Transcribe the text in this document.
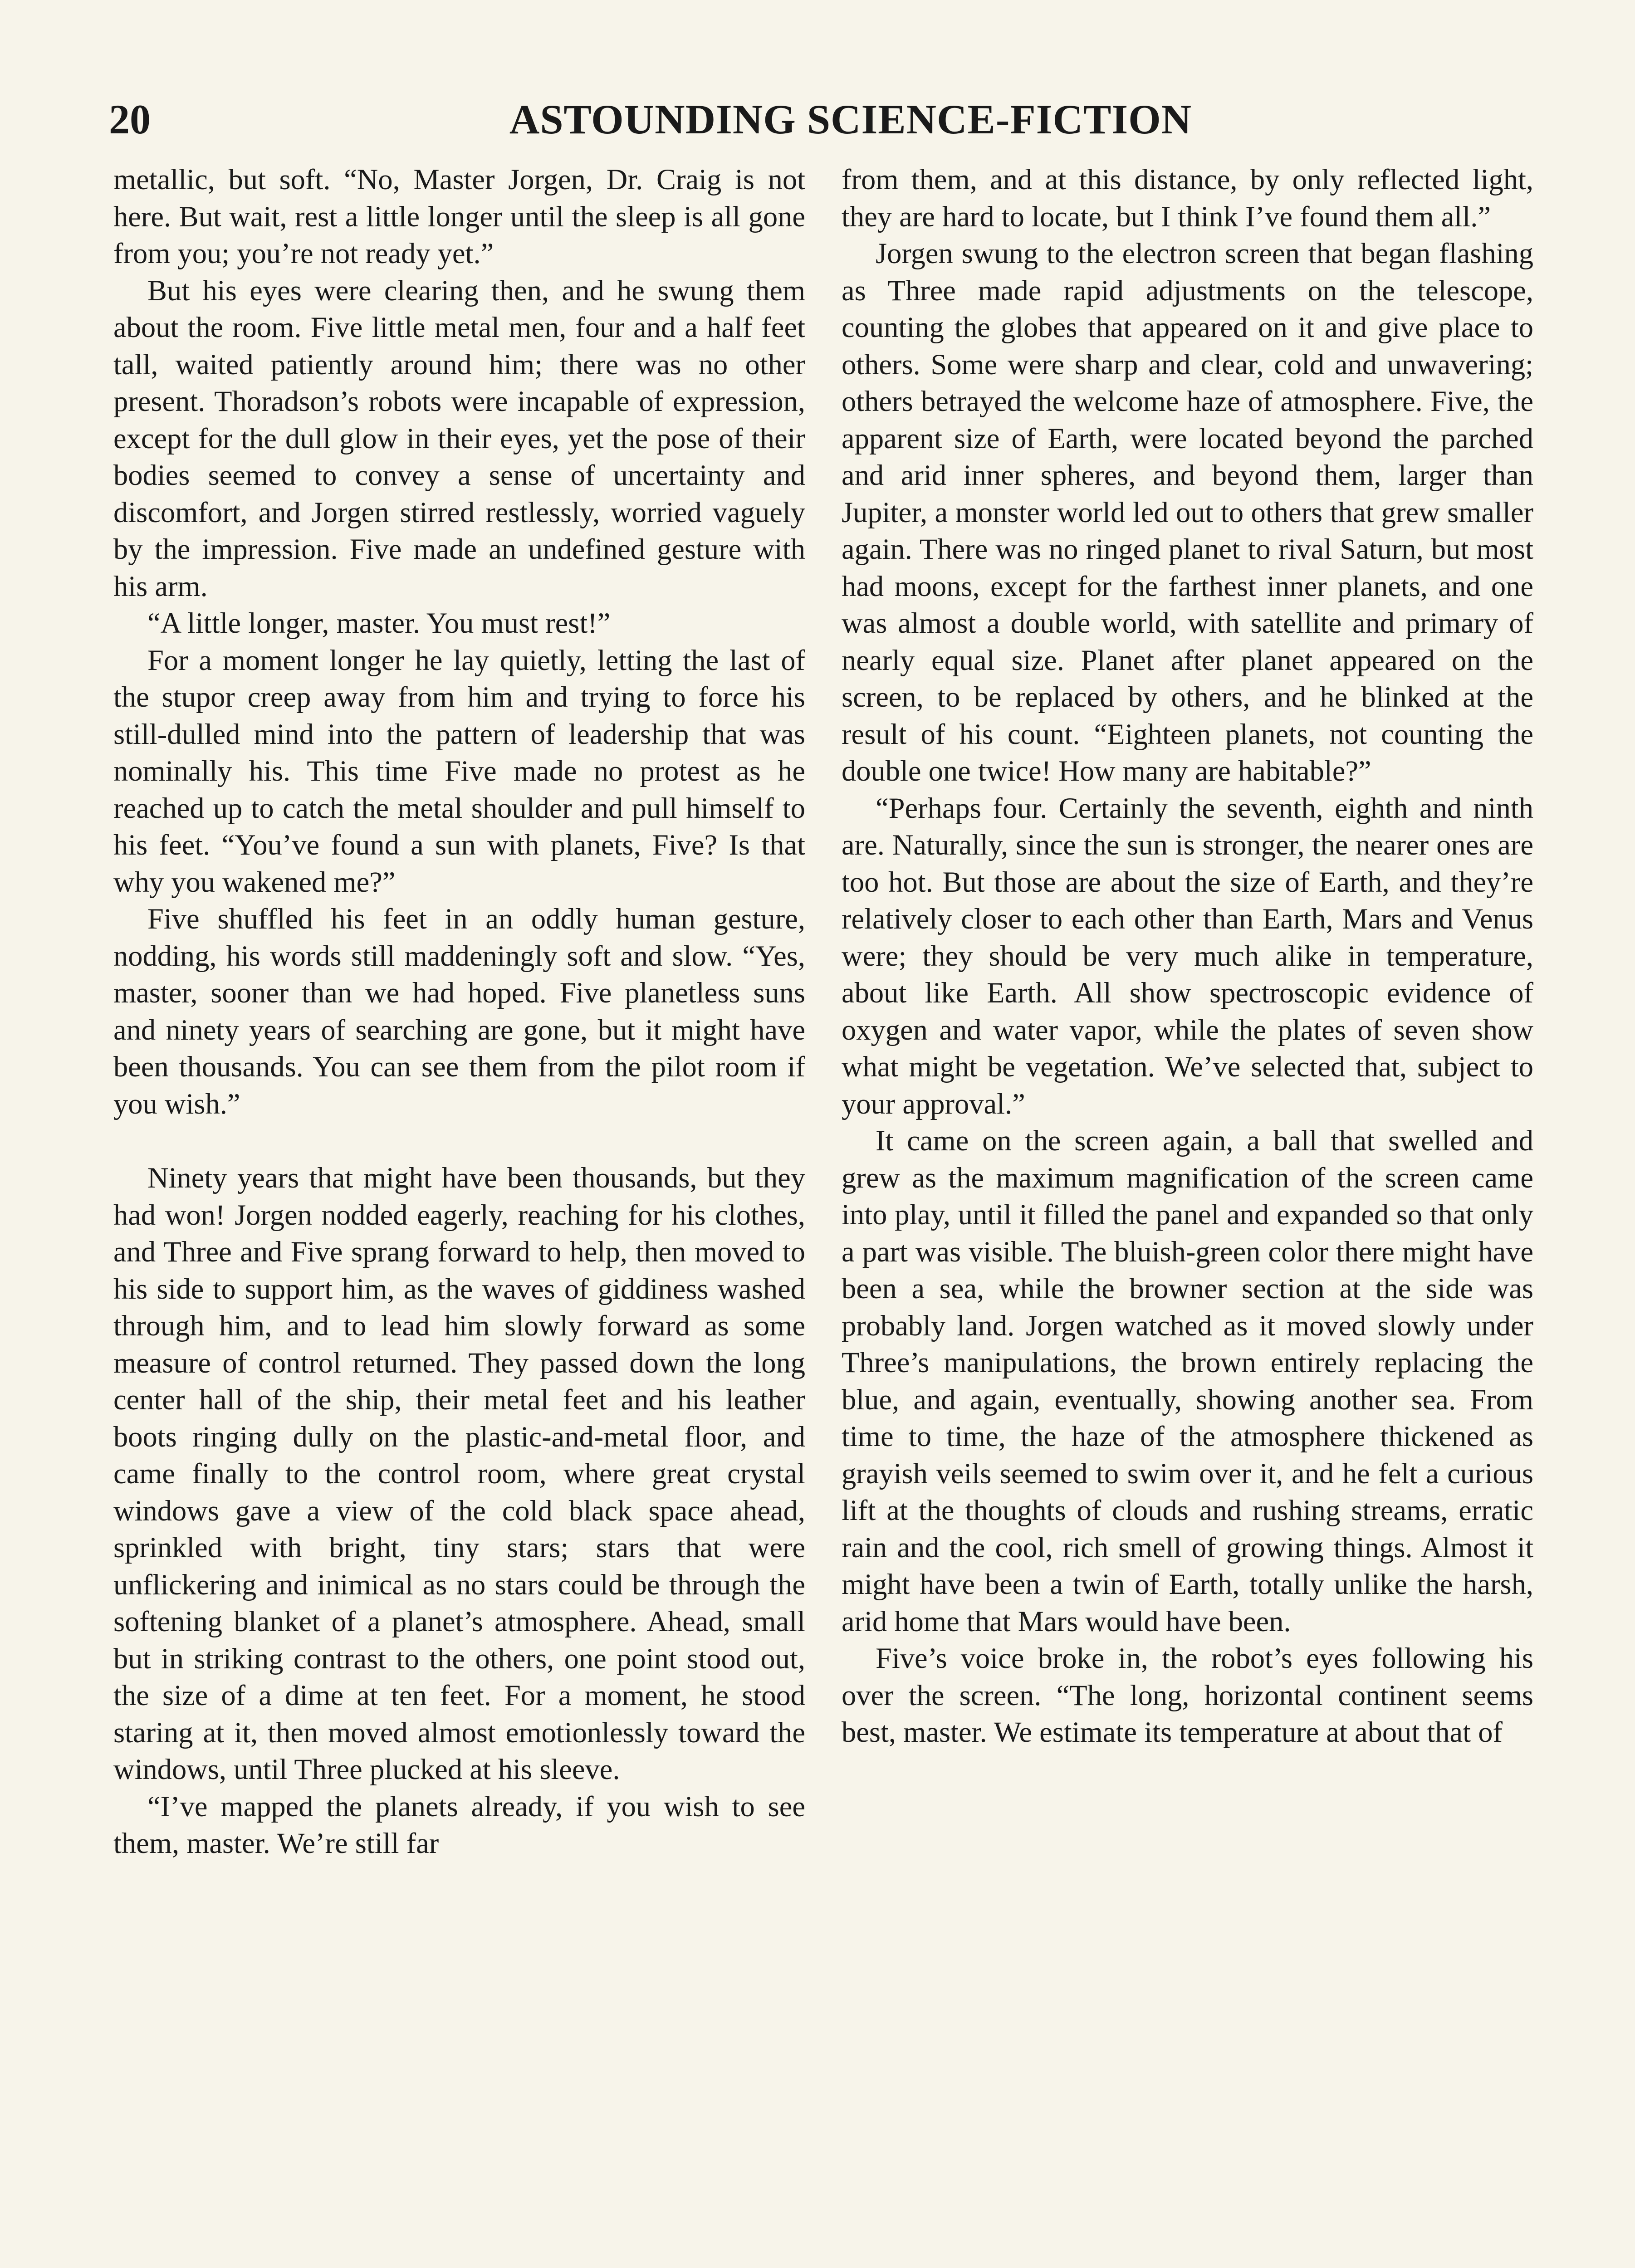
20	ASTOUNDING SCIENCE-FICTION

metallic, but soft. “No, Master Jorgen, Dr. Craig is not here. But wait, rest a little longer until the sleep is all gone from you; you’re not ready yet.”

But his eyes were clearing then, and he swung them about the room. Five little metal men, four and a half feet tall, waited patiently around him; there was no other present. Thoradson’s robots were incapable of expression, except for the dull glow in their eyes, yet the pose of their bodies seemed to convey a sense of uncertainty and discomfort, and Jorgen stirred restlessly, worried vaguely by the impression. Five made an undefined gesture with his arm.

“A little longer, master. You must rest!”

For a moment longer he lay quietly, letting the last of the stupor creep away from him and trying to force his still-dulled mind into the pattern of leadership that was nominally his. This time Five made no protest as he reached up to catch the metal shoulder and pull himself to his feet. “You’ve found a sun with planets, Five? Is that why you wakened me?”

Five shuffled his feet in an oddly human gesture, nodding, his words still maddeningly soft and slow. “Yes, master, sooner than we had hoped. Five planetless suns and ninety years of searching are gone, but it might have been thousands. You can see them from the pilot room if you wish.”

Ninety years that might have been thousands, but they had won! Jorgen nodded eagerly, reaching for his clothes, and Three and Five sprang forward to help, then moved to his side to support him, as the waves of giddiness washed through him, and to lead him slowly forward as some measure of control returned. They passed down the long center hall of the ship, their metal feet and his leather boots ringing dully on the plastic-and-metal floor, and came finally to the control room, where great crystal windows gave a view of the cold black space ahead, sprinkled with bright, tiny stars; stars that were unflickering and inimical as no stars could be through the softening blanket of a planet’s atmosphere. Ahead, small but in striking contrast to the others, one point stood out, the size of a dime at ten feet. For a moment, he stood staring at it, then moved almost emotionlessly toward the windows, until Three plucked at his sleeve.

“I’ve mapped the planets already, if you wish to see them, master. We’re still far

from them, and at this distance, by only reflected light, they are hard to locate, but I think I’ve found them all.”

Jorgen swung to the electron screen that began flashing as Three made rapid adjustments on the telescope, counting the globes that appeared on it and give place to others. Some were sharp and clear, cold and unwavering; others betrayed the welcome haze of atmosphere. Five, the apparent size of Earth, were located beyond the parched and arid inner spheres, and beyond them, larger than Jupiter, a monster world led out to others that grew smaller again. There was no ringed planet to rival Saturn, but most had moons, except for the farthest inner planets, and one was almost a double world, with satellite and primary of nearly equal size. Planet after planet appeared on the screen, to be replaced by others, and he blinked at the result of his count. “Eighteen planets, not counting the double one twice! How many are habitable?”

“Perhaps four. Certainly the seventh, eighth and ninth are. Naturally, since the sun is stronger, the nearer ones are too hot. But those are about the size of Earth, and they’re relatively closer to each other than Earth, Mars and Venus were; they should be very much alike in temperature, about like Earth. All show spectroscopic evidence of oxygen and water vapor, while the plates of seven show what might be vegetation. We’ve selected that, subject to your approval.”

It came on the screen again, a ball that swelled and grew as the maximum magnification of the screen came into play, until it filled the panel and expanded so that only a part was visible. The bluish-green color there might have been a sea, while the browner section at the side was probably land. Jorgen watched as it moved slowly under Three’s manipulations, the brown entirely replacing the blue, and again, eventually, showing another sea. From time to time, the haze of the atmosphere thickened as grayish veils seemed to swim over it, and he felt a curious lift at the thoughts of clouds and rushing streams, erratic rain and the cool, rich smell of growing things. Almost it might have been a twin of Earth, totally unlike the harsh, arid home that Mars would have been.

Five’s voice broke in, the robot’s eyes following his over the screen. “The long, horizontal continent seems best, master. We estimate its temperature at about that of
